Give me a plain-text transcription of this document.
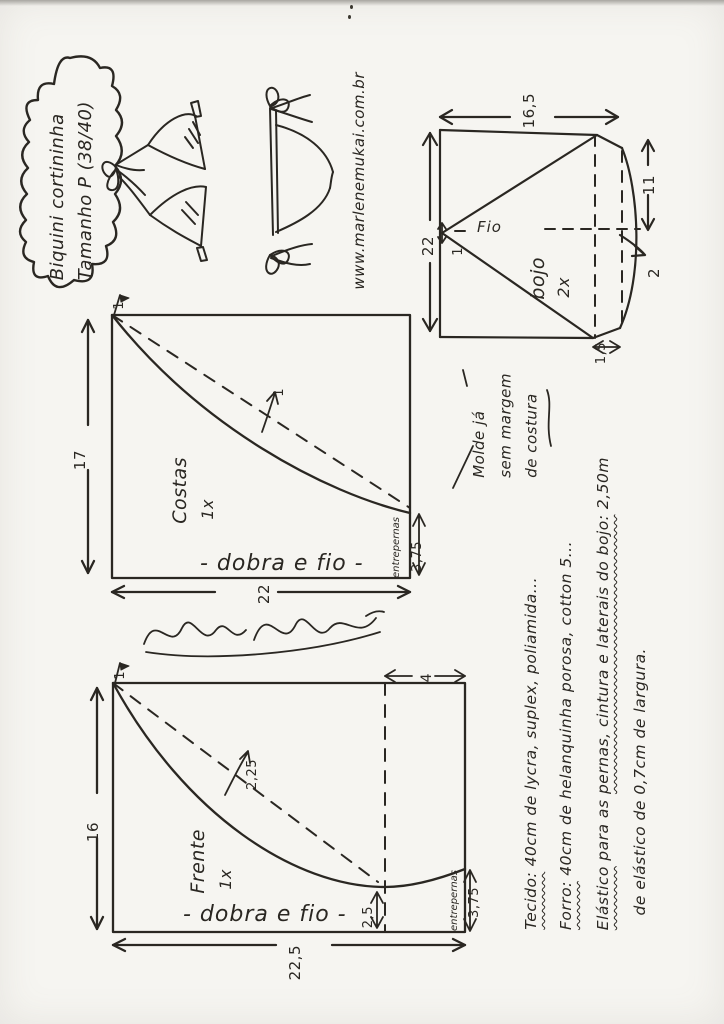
Biquini cortininha Tamanho P (38/40)	www.marlenemukai.com.br	16,5
22
11
2
1,5
1
bojo 2x
Fio
17
22
1
1
Costas 1x
entrepernas 3,75
- dobra e fio -
16
22,5
4
2,25
2,5
1
Frente 1x	entrepernas 3,75
- dobra e fio -
Molde já sem margem de costura
Tecido: 40cm de lycra, suplex, poliamida...
Forro: 40cm de helanquinha porosa, cotton 5...
Elástico para as pernas, cintura e laterais do bojo: 2,50m
de elástico de 0,7cm de largura.
